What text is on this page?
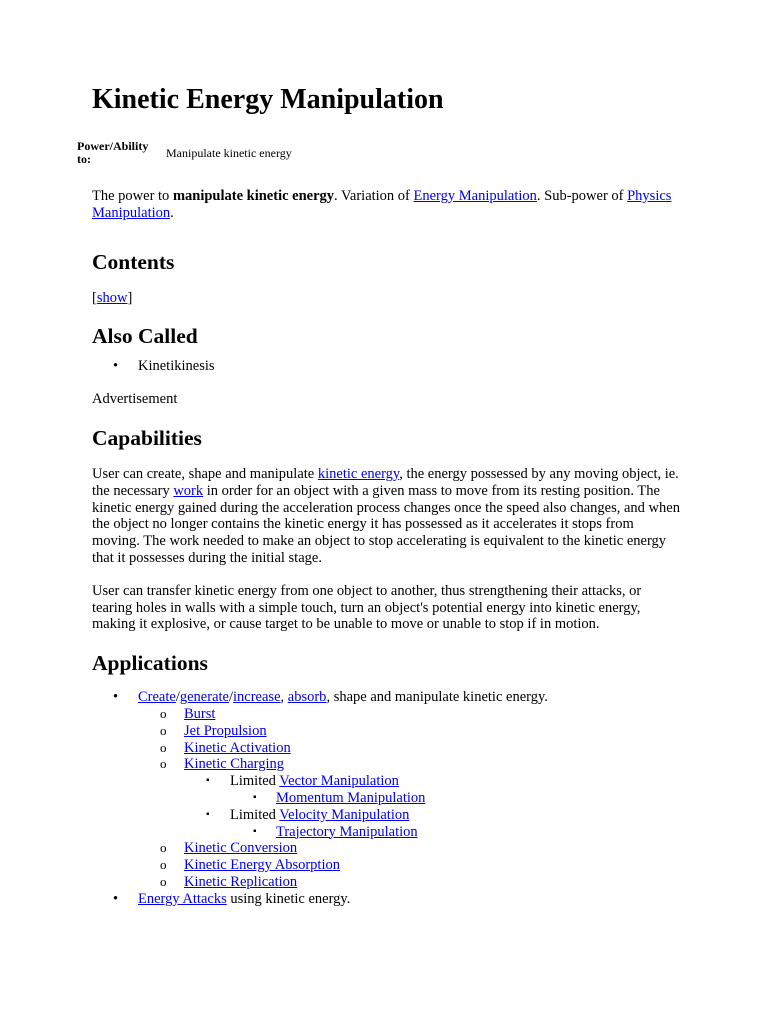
Kinetic Energy Manipulation
Power/Ability to:	Manipulate kinetic energy

The power to manipulate kinetic energy. Variation of Energy Manipulation. Sub-power of Physics Manipulation.

Contents

[show]

Also Called
• Kinetikinesis

Advertisement

Capabilities

User can create, shape and manipulate kinetic energy, the energy possessed by any moving object, ie. the necessary work in order for an object with a given mass to move from its resting position. The kinetic energy gained during the acceleration process changes once the speed also changes, and when the object no longer contains the kinetic energy it has possessed as it accelerates it stops from moving. The work needed to make an object to stop accelerating is equivalent to the kinetic energy that it possesses during the initial stage.

User can transfer kinetic energy from one object to another, thus strengthening their attacks, or tearing holes in walls with a simple touch, turn an object's potential energy into kinetic energy, making it explosive, or cause target to be unable to move or unable to stop if in motion.

Applications
• Create/generate/increase, absorb, shape and manipulate kinetic energy.
o Burst
o Jet Propulsion
o Kinetic Activation
o Kinetic Charging
▪ Limited Vector Manipulation
▪ Momentum Manipulation
▪ Limited Velocity Manipulation
▪ Trajectory Manipulation
o Kinetic Conversion
o Kinetic Energy Absorption
o Kinetic Replication
• Energy Attacks using kinetic energy.
